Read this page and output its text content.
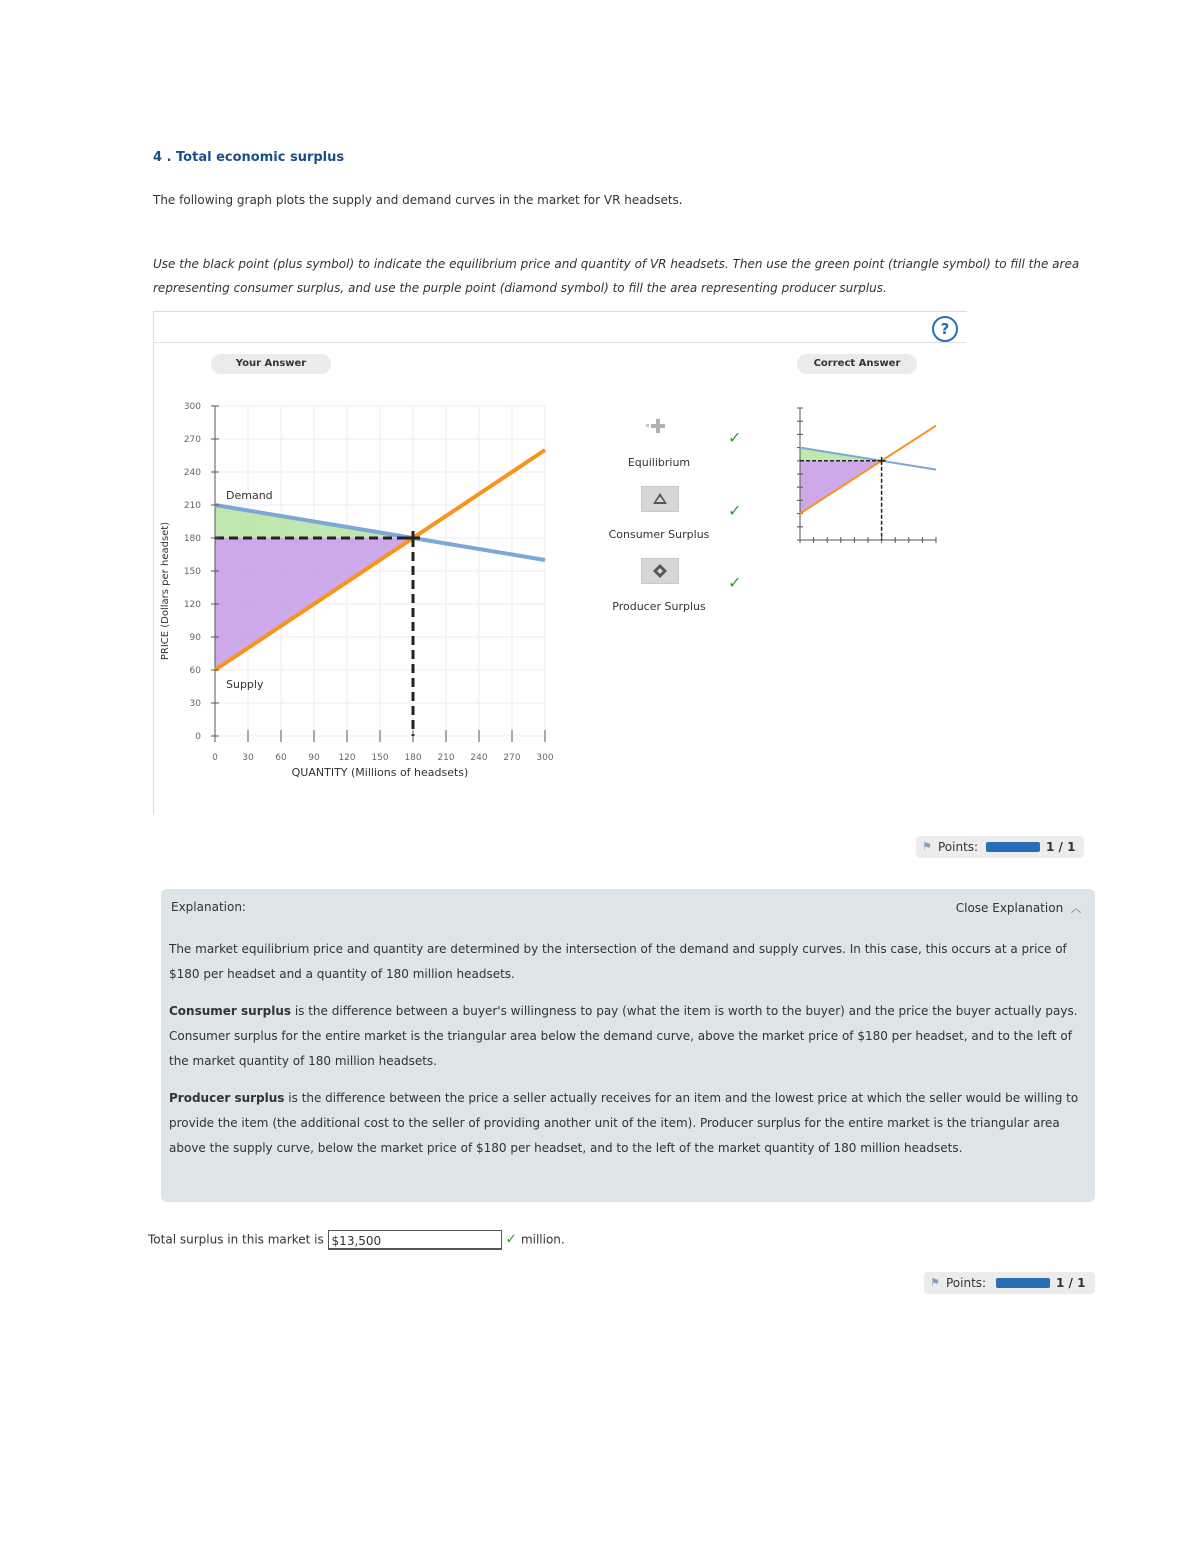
4 . Total economic surplus
The following graph plots the supply and demand curves in the market for VR headsets.
Use the black point (plus symbol) to indicate the equilibrium price and quantity of VR headsets. Then use the green point (triangle symbol) to fill the area representing consumer surplus, and use the purple point (diamond symbol) to fill the area representing producer surplus.
?
Your Answer	Correct Answer
0	30 60 90 120 150 180 210 240 270 300
0
30
60
90
120
150
180
210
240
270
300
Demand
Supply
QUANTITY (Millions of headsets)
PRICE (Dollars per headset)
Equilibrium
✓
Consumer Surplus
✓
Producer Surplus
✓
⚑ Points:	1 / 1
Explanation:	Close Explanation ︿

The market equilibrium price and quantity are determined by the intersection of the demand and supply curves. In this case, this occurs at a price of $180 per headset and a quantity of 180 million headsets.

Consumer surplus is the difference between a buyer's willingness to pay (what the item is worth to the buyer) and the price the buyer actually pays. Consumer surplus for the entire market is the triangular area below the demand curve, above the market price of $180 per headset, and to the left of the market quantity of 180 million headsets.

Producer surplus is the difference between the price a seller actually receives for an item and the lowest price at which the seller would be willing to provide the item (the additional cost to the seller of providing another unit of the item). Producer surplus for the entire market is the triangular area above the supply curve, below the market price of $180 per headset, and to the left of the market quantity of 180 million headsets.

Total surplus in this market is $13,500	✓ million.
⚑ Points:	1 / 1
